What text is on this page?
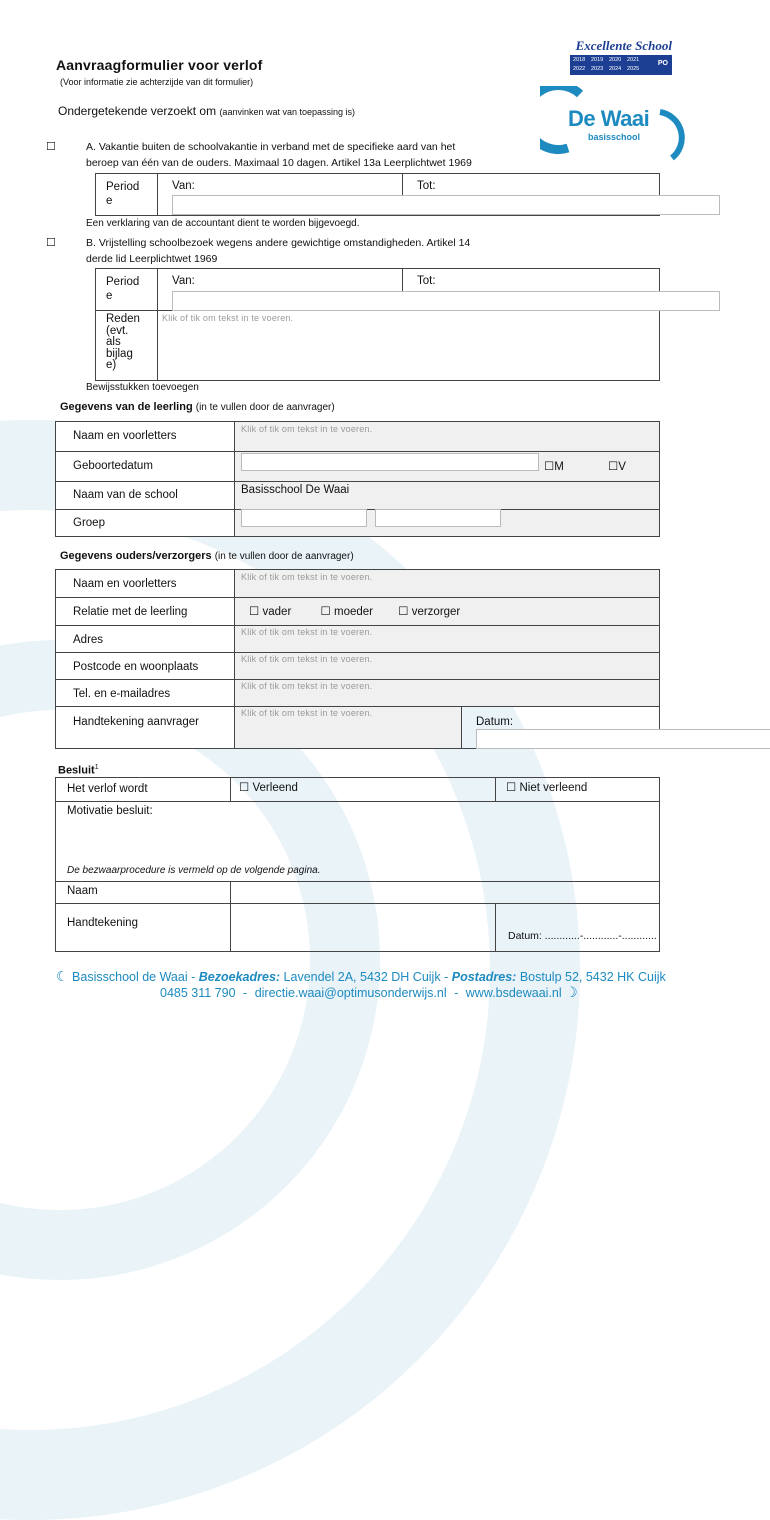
Aanvraagformulier voor verlof
(Voor informatie zie achterzijde van dit formulier)
Ondergetekende verzoekt om (aanvinken wat van toepassing is)
Excellente School
2018 2019 2020 2021
2022 2023 2024 2025
PO
De Waai
basisschool
☐	A. Vakantie buiten de schoolvakantie in verband met de specifieke aard van het
beroep van één van de ouders. Maximaal 10 dagen. Artikel 13a Leerplichtwet 1969
Period
e
	Van:	Tot:
Een verklaring van de accountant dient te worden bijgevoegd.
☐	B. Vrijstelling schoolbezoek wegens andere gewichtige omstandigheden. Artikel 14
derde lid Leerplichtwet 1969
Period
e	Van:	Tot:

Reden
(evt.
als
bijlag
e)	Klik of tik om tekst in te voeren.	
Bewijsstukken toevoegen
Gegevens van de leerling (in te vullen door de aanvrager)
Naam en voorletters	Klik of tik om tekst in te voeren.
Geboortedatum	☐M ☐V

Naam van de school	Basisschool De Waai
Groep	
Gegevens ouders/verzorgers (in te vullen door de aanvrager)
Naam en voorletters	Klik of tik om tekst in te voeren.	
Relatie met de leerling	☐ vader ☐ moeder ☐ verzorger	
Adres	Klik of tik om tekst in te voeren.	
Postcode en woonplaats	Klik of tik om tekst in te voeren.	
Tel. en e-mailadres	Klik of tik om tekst in te voeren.	
Handtekening aanvrager	Klik of tik om tekst in te voeren.	Datum:
Besluit$^1$
Het verlof wordt	☐ Verleend	☐ Niet verleend

Motivatie besluit:
De bezwaarprocedure is vermeld op de volgende pagina.		

Naam		
Handtekening		Datum: ............-............-............
☾ Basisschool de Waai - Bezoekadres: Lavendel 2A, 5432 DH Cuijk - Postadres: Bostulp 52, 5432 HK Cuijk
0485 311 790 - directie.waai@optimusonderwijs.nl - www.bsdewaai.nl ☽
